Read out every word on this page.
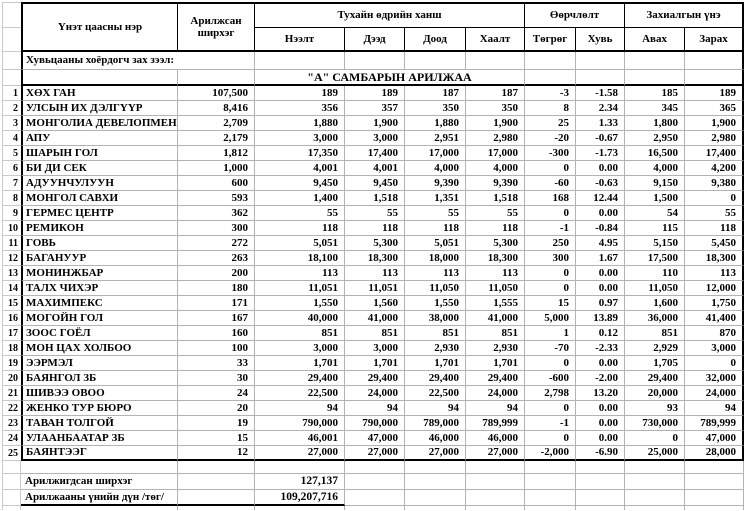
	Үнэт цаасны нэр	Арилжсан ширхэг	Тухайн өдрийн ханш				Өөрчлөлт		Захиалгын үнэ	
			Нээлт	Дээд	Доод	Хаалт	Төгрөг	Хувь	Авах	Зарах
	Хувьцааны хоёрдогч зах зээл:									
			"А" САМБАРЫН АРИЛЖАА							
1	ХӨХ ГАН	107,500	189	189	187	187	-3	-1.58	185	189
2	УЛСЫН ИХ ДЭЛГҮҮР	8,416	356	357	350	350	8	2.34	345	365
3	МОНГОЛИА ДЕВЕЛОПМЕН	2,709	1,880	1,900	1,880	1,900	25	1.33	1,800	1,900
4	АПУ	2,179	3,000	3,000	2,951	2,980	-20	-0.67	2,950	2,980
5	ШАРЫН ГОЛ	1,812	17,350	17,400	17,000	17,000	-300	-1.73	16,500	17,400
6	БИ ДИ СЕК	1,000	4,001	4,001	4,000	4,000	0	0.00	4,000	4,200
7	АДУУНЧУЛУУН	600	9,450	9,450	9,390	9,390	-60	-0.63	9,150	9,380
8	МОНГОЛ САВХИ	593	1,400	1,518	1,351	1,518	168	12.44	1,500	0
9	ГЕРМЕС ЦЕНТР	362	55	55	55	55	0	0.00	54	55
10	РЕМИКОН	300	118	118	118	118	-1	-0.84	115	118
11	ГОВЬ	272	5,051	5,300	5,051	5,300	250	4.95	5,150	5,450
12	БАГАНУУР	263	18,100	18,300	18,000	18,300	300	1.67	17,500	18,300
13	МОНИНЖБАР	200	113	113	113	113	0	0.00	110	113
14	ТАЛХ ЧИХЭР	180	11,051	11,051	11,050	11,050	0	0.00	11,050	12,000
15	МАХИМПЕКС	171	1,550	1,560	1,550	1,555	15	0.97	1,600	1,750
16	МОГОЙН ГОЛ	167	40,000	41,000	38,000	41,000	5,000	13.89	36,000	41,400
17	ЗООС ГОЁЛ	160	851	851	851	851	1	0.12	851	870
18	МОН ЦАХ ХОЛБОО	100	3,000	3,000	2,930	2,930	-70	-2.33	2,929	3,000
19	ЭЭРМЭЛ	33	1,701	1,701	1,701	1,701	0	0.00	1,705	0
20	БАЯНГОЛ ЗБ	30	29,400	29,400	29,400	29,400	-600	-2.00	29,400	32,000
21	ШИВЭЭ ОВОО	24	22,500	24,000	22,500	24,000	2,798	13.20	20,000	24,000
22	ЖЕНКО ТУР БЮРО	20	94	94	94	94	0	0.00	93	94
23	ТАВАН ТОЛГОЙ	19	790,000	790,000	789,000	789,999	-1	0.00	730,000	789,999
24	УЛААНБААТАР ЗБ	15	46,001	47,000	46,000	46,000	0	0.00	0	47,000
25	БАЯНТЭЭГ	12	27,000	27,000	27,000	27,000	-2,000	-6.90	25,000	28,000

	Арилжигдсан ширхэг		127,137							
	Арилжааны үнийн дүн /төг/		109,207,716							
